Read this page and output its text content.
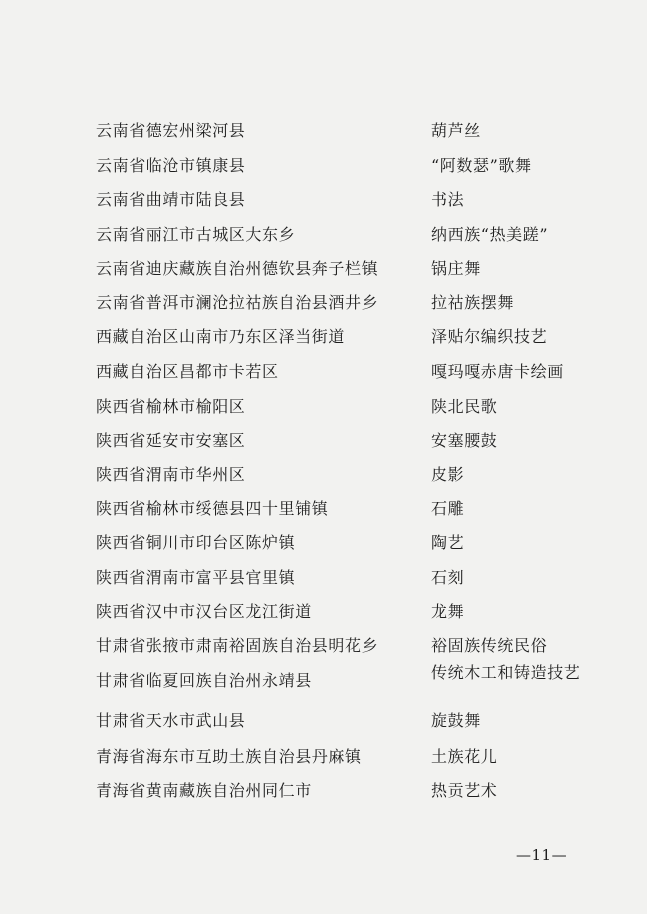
云南省德宏州梁河县	葫芦丝
云南省临沧市镇康县	“阿数瑟”歌舞
云南省曲靖市陆良县	书法
云南省丽江市古城区大东乡	纳西族“热美蹉”
云南省迪庆藏族自治州德钦县奔子栏镇	锅庄舞
云南省普洱市澜沧拉祜族自治县酒井乡	拉祜族摆舞
西藏自治区山南市乃东区泽当街道	泽贴尔编织技艺
西藏自治区昌都市卡若区	嘎玛嘎赤唐卡绘画
陕西省榆林市榆阳区	陕北民歌
陕西省延安市安塞区	安塞腰鼓
陕西省渭南市华州区	皮影
陕西省榆林市绥德县四十里铺镇	石雕
陕西省铜川市印台区陈炉镇	陶艺
陕西省渭南市富平县官里镇	石刻
陕西省汉中市汉台区龙江街道	龙舞
甘肃省张掖市肃南裕固族自治县明花乡	裕固族传统民俗
甘肃省临夏回族自治州永靖县	传统木工和铸造技艺
甘肃省天水市武山县	旋鼓舞
青海省海东市互助土族自治县丹麻镇	土族花儿
青海省黄南藏族自治州同仁市	热贡艺术
—11—
